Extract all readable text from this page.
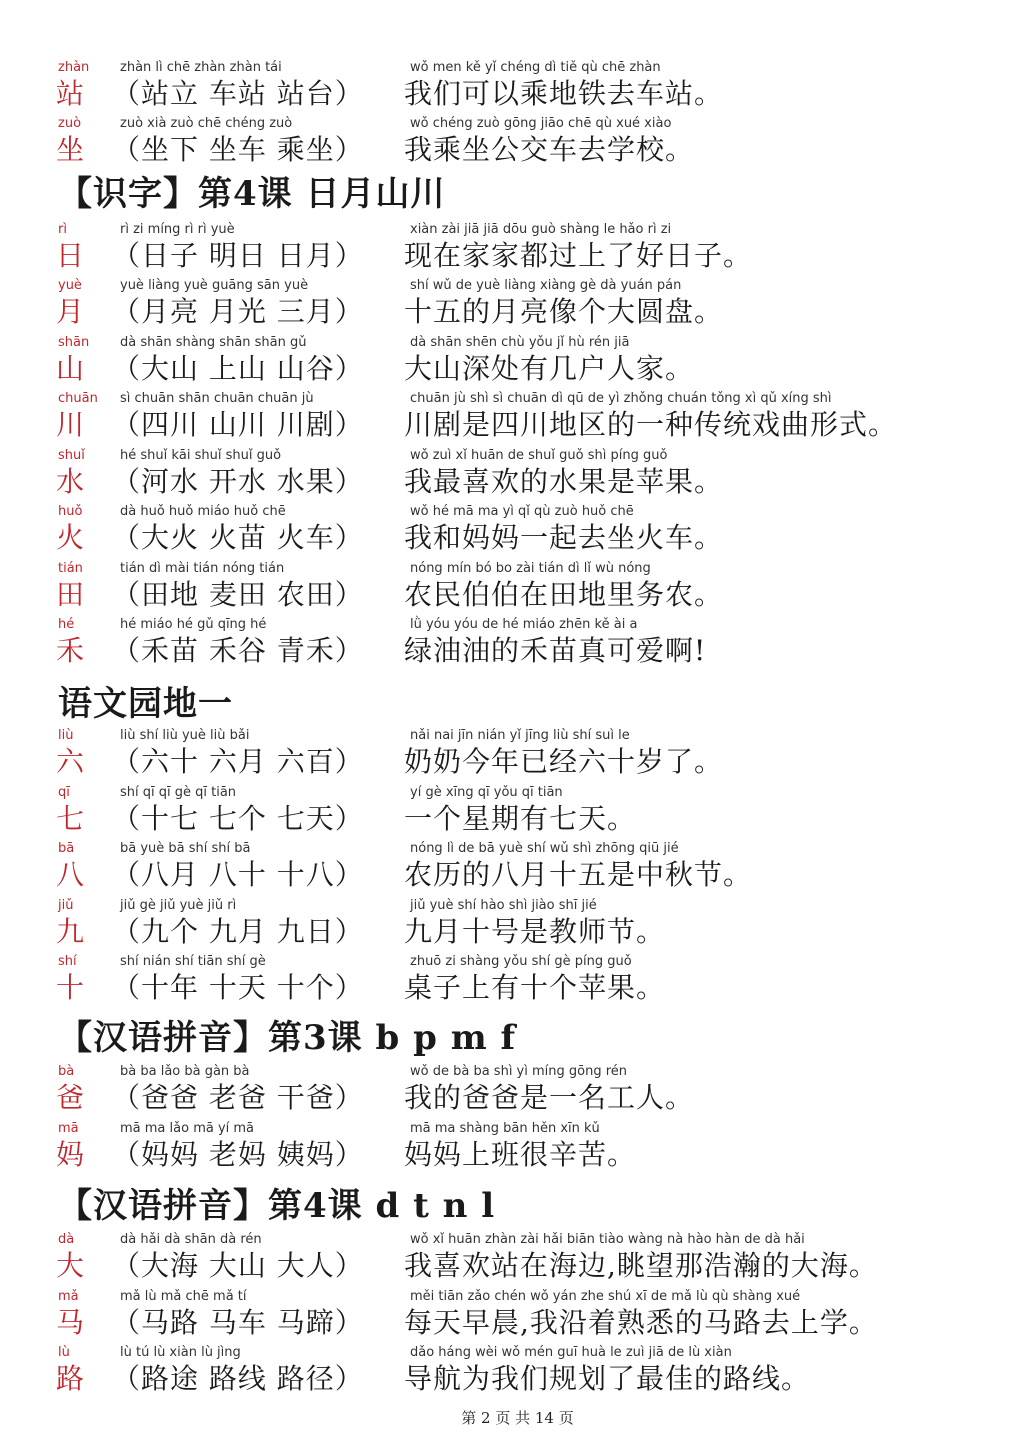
zhàn
站
zhàn lì chē zhàn zhàn tái
（站立 车站 站台）
wǒ men kě yǐ chéng dì tiě qù chē zhàn
我们可以乘地铁去车站。
zuò
坐
zuò xià zuò chē chéng zuò
（坐下 坐车 乘坐）
wǒ chéng zuò gōng jiāo chē qù xué xiào
我乘坐公交车去学校。
rì
日
rì zi míng rì rì yuè
（日子 明日 日月）
xiàn zài jiā jiā dōu guò shàng le hǎo rì zi
现在家家都过上了好日子。
yuè
月
yuè liàng yuè guāng sān yuè
（月亮 月光 三月）
shí wǔ de yuè liàng xiàng gè dà yuán pán
十五的月亮像个大圆盘。
shān
山
dà shān shàng shān shān gǔ
（大山 上山 山谷）
dà shān shēn chù yǒu jǐ hù rén jiā
大山深处有几户人家。
chuān
川
sì chuān shān chuān chuān jù
（四川 山川 川剧）
chuān jù shì sì chuān dì qū de yì zhǒng chuán tǒng xì qǔ xíng shì
川剧是四川地区的一种传统戏曲形式。
shuǐ
水
hé shuǐ kāi shuǐ shuǐ guǒ
（河水 开水 水果）
wǒ zuì xǐ huān de shuǐ guǒ shì píng guǒ
我最喜欢的水果是苹果。
huǒ
火
dà huǒ huǒ miáo huǒ chē
（大火 火苗 火车）
wǒ hé mā ma yì qǐ qù zuò huǒ chē
我和妈妈一起去坐火车。
tián
田
tián dì mài tián nóng tián
（田地 麦田 农田）
nóng mín bó bo zài tián dì lǐ wù nóng
农民伯伯在田地里务农。
hé
禾
hé miáo hé gǔ qīng hé
（禾苗 禾谷 青禾）
lǜ yóu yóu de hé miáo zhēn kě ài a
绿油油的禾苗真可爱啊!
liù
六
liù shí liù yuè liù bǎi
（六十 六月 六百）
nǎi nai jīn nián yǐ jīng liù shí suì le
奶奶今年已经六十岁了。
qī
七
shí qī qī gè qī tiān
（十七 七个 七天）
yí gè xīng qī yǒu qī tiān
一个星期有七天。
bā
八
bā yuè bā shí shí bā
（八月 八十 十八）
nóng lì de bā yuè shí wǔ shì zhōng qiū jié
农历的八月十五是中秋节。
jiǔ
九
jiǔ gè jiǔ yuè jiǔ rì
（九个 九月 九日）
jiǔ yuè shí hào shì jiào shī jié
九月十号是教师节。
shí
十
shí nián shí tiān shí gè
（十年 十天 十个）
zhuō zi shàng yǒu shí gè píng guǒ
桌子上有十个苹果。
bà
爸
bà ba lǎo bà gàn bà
（爸爸 老爸 干爸）
wǒ de bà ba shì yì míng gōng rén
我的爸爸是一名工人。
mā
妈
mā ma lǎo mā yí mā
（妈妈 老妈 姨妈）
mā ma shàng bān hěn xīn kǔ
妈妈上班很辛苦。
dà
大
dà hǎi dà shān dà rén
（大海 大山 大人）
wǒ xǐ huān zhàn zài hǎi biān tiào wàng nà hào hàn de dà hǎi
我喜欢站在海边,眺望那浩瀚的大海。
mǎ
马
mǎ lù mǎ chē mǎ tí
（马路 马车 马蹄）
měi tiān zǎo chén wǒ yán zhe shú xī de mǎ lù qù shàng xué
每天早晨,我沿着熟悉的马路去上学。
lù
路
lù tú lù xiàn lù jìng
（路途 路线 路径）
dǎo háng wèi wǒ mén guī huà le zuì jiā de lù xiàn
导航为我们规划了最佳的路线。
【识字】第4课 日月山川
语文园地一
【汉语拼音】第3课 b p m f
【汉语拼音】第4课 d t n l
第 2 页 共 14 页
